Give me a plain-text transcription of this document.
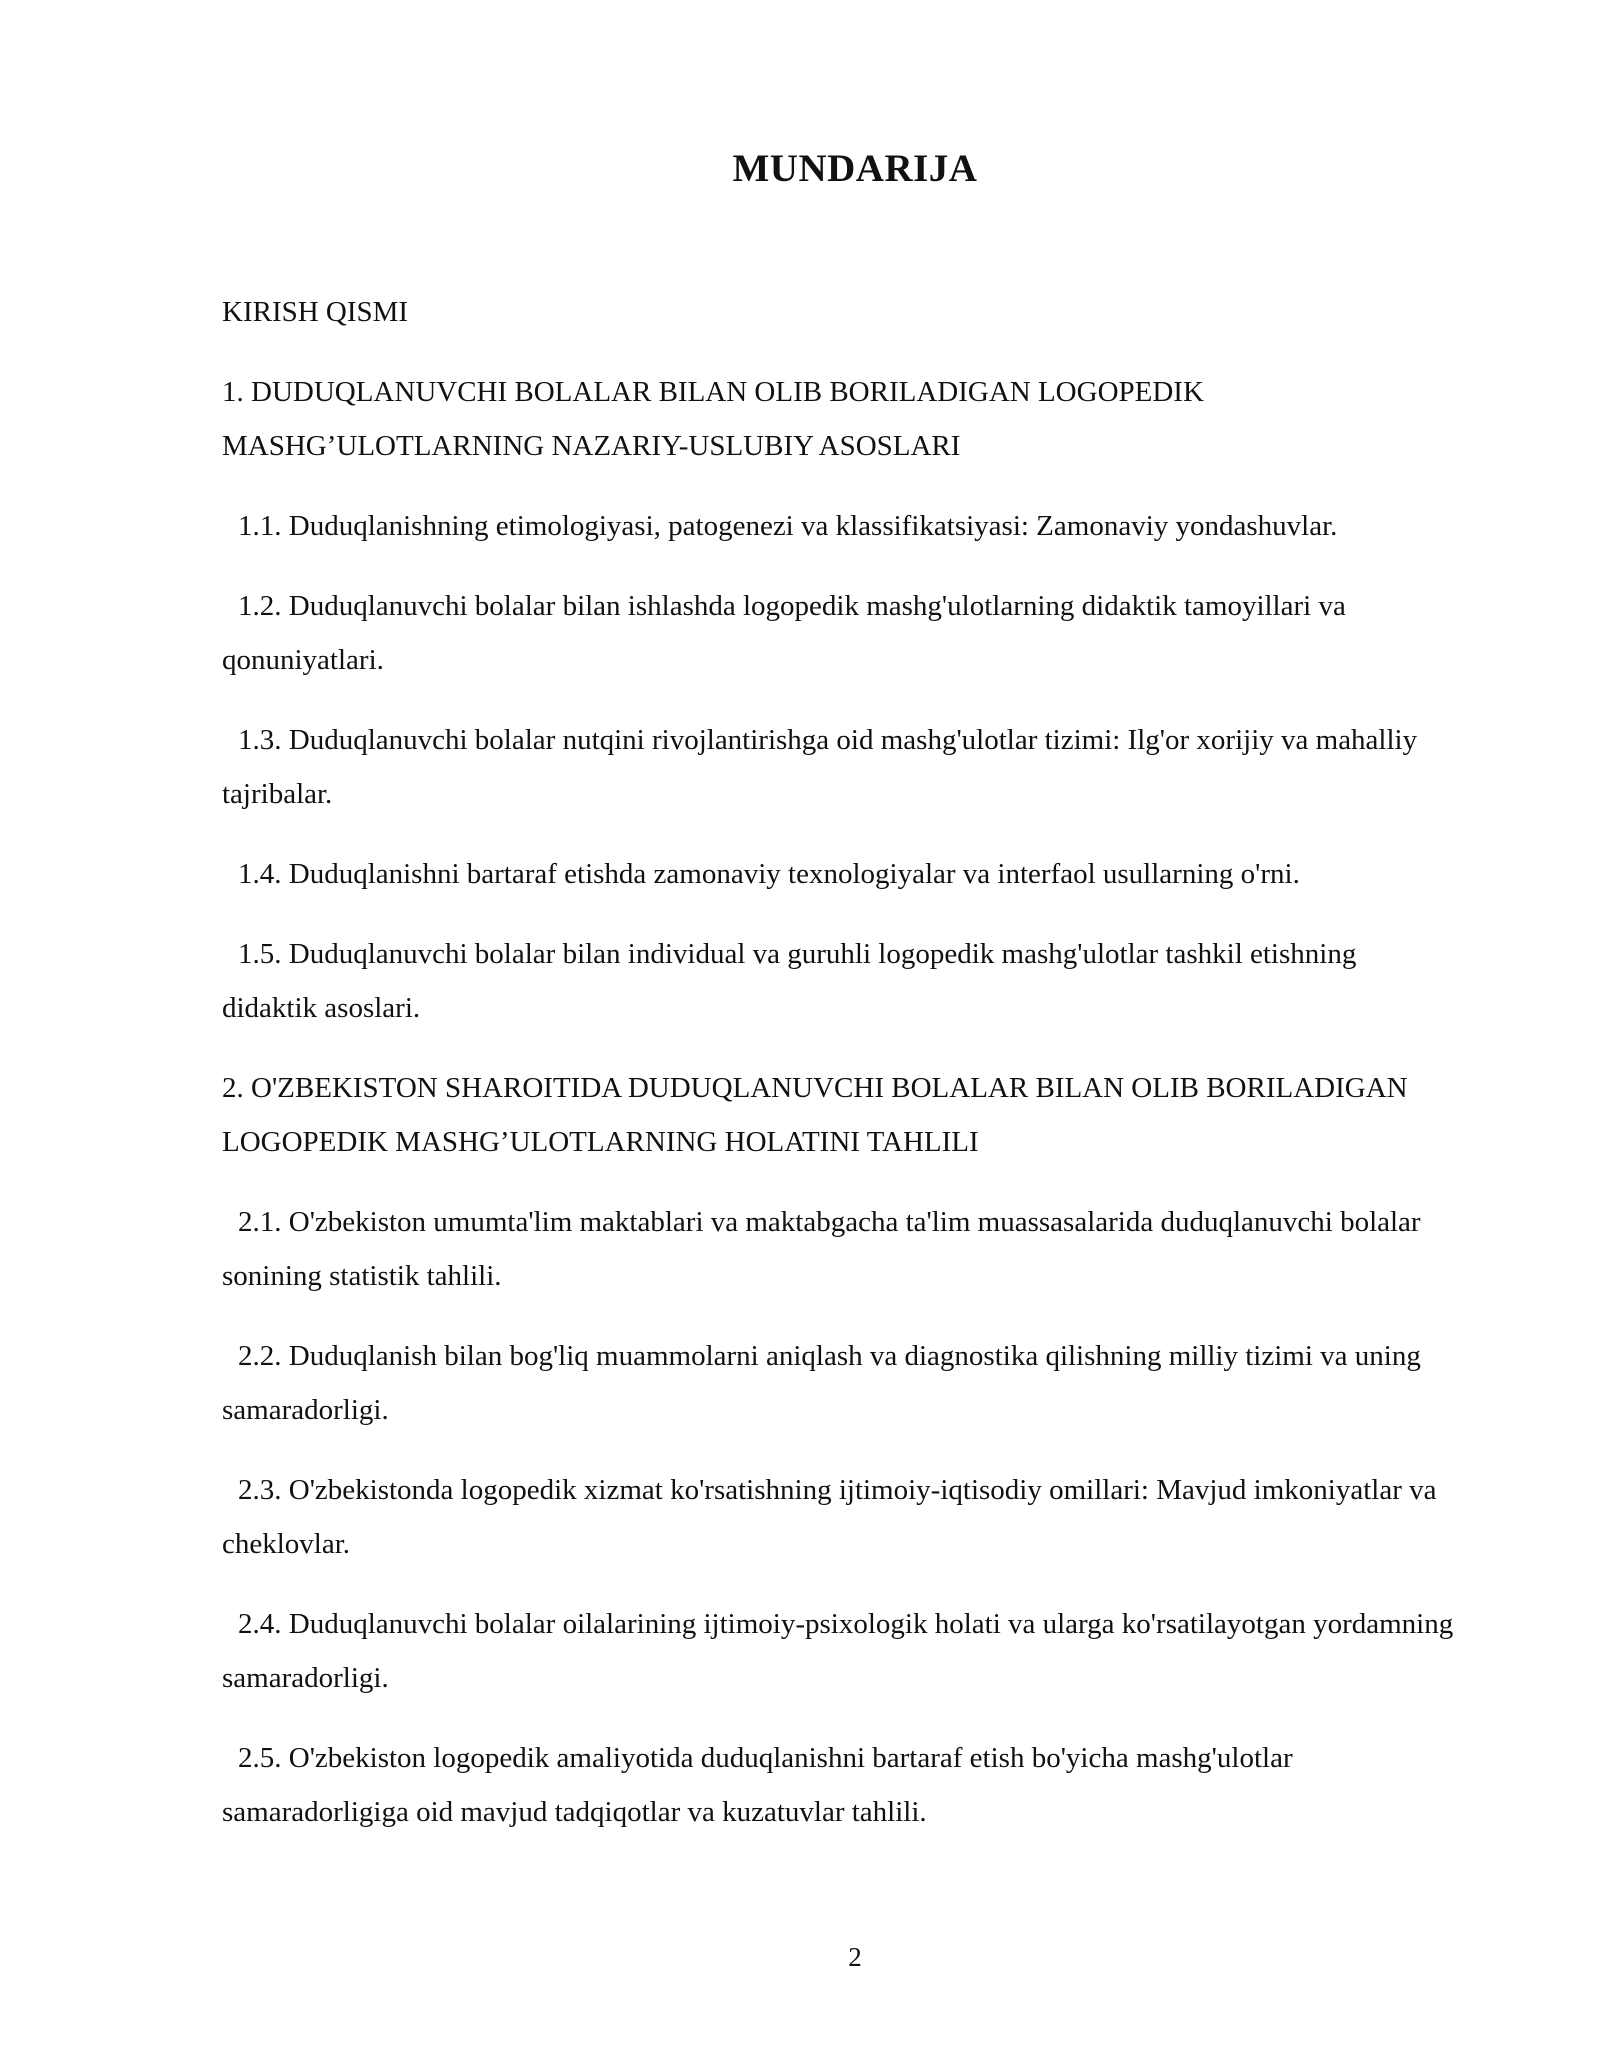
MUNDARIJA
KIRISH QISMI
1. DUDUQLANUVCHI BOLALAR BILAN OLIB BORILADIGAN LOGOPEDIK MASHG’ULOTLARNING NAZARIY-USLUBIY ASOSLARI
1.1. Duduqlanishning etimologiyasi, patogenezi va klassifikatsiyasi: Zamonaviy yondashuvlar.
1.2. Duduqlanuvchi bolalar bilan ishlashda logopedik mashg'ulotlarning didaktik tamoyillari va qonuniyatlari.
1.3. Duduqlanuvchi bolalar nutqini rivojlantirishga oid mashg'ulotlar tizimi: Ilg'or xorijiy va mahalliy tajribalar.
1.4. Duduqlanishni bartaraf etishda zamonaviy texnologiyalar va interfaol usullarning o'rni.
1.5. Duduqlanuvchi bolalar bilan individual va guruhli logopedik mashg'ulotlar tashkil etishning didaktik asoslari.
2. O'ZBEKISTON SHAROITIDA DUDUQLANUVCHI BOLALAR BILAN OLIB BORILADIGAN LOGOPEDIK MASHG’ULOTLARNING HOLATINI TAHLILI
2.1. O'zbekiston umumta'lim maktablari va maktabgacha ta'lim muassasalarida duduqlanuvchi bolalar sonining statistik tahlili.
2.2. Duduqlanish bilan bog'liq muammolarni aniqlash va diagnostika qilishning milliy tizimi va uning samaradorligi.
2.3. O'zbekistonda logopedik xizmat ko'rsatishning ijtimoiy-iqtisodiy omillari: Mavjud imkoniyatlar va cheklovlar.
2.4. Duduqlanuvchi bolalar oilalarining ijtimoiy-psixologik holati va ularga ko'rsatilayotgan yordamning samaradorligi.
2.5. O'zbekiston logopedik amaliyotida duduqlanishni bartaraf etish bo'yicha mashg'ulotlar samaradorligiga oid mavjud tadqiqotlar va kuzatuvlar tahlili.
2
